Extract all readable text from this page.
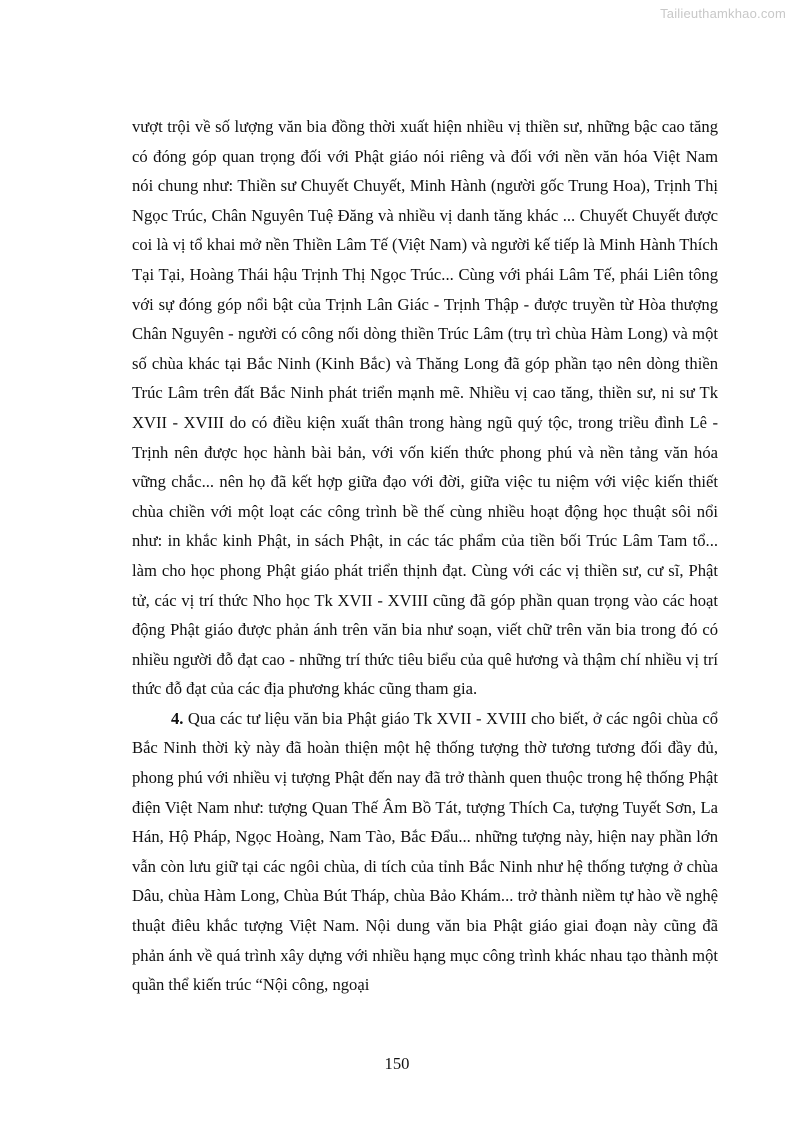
Tailieuthamkhao.com

vượt trội về số lượng văn bia đồng thời xuất hiện nhiều vị thiền sư, những bậc cao tăng có đóng góp quan trọng đối với Phật giáo nói riêng và đối với nền văn hóa Việt Nam nói chung như: Thiền sư Chuyết Chuyết, Minh Hành (người gốc Trung Hoa), Trịnh Thị Ngọc Trúc, Chân Nguyên Tuệ Đăng và nhiều vị danh tăng khác ... Chuyết Chuyết được coi là vị tổ khai mở nền Thiền Lâm Tế (Việt Nam) và người kế tiếp là Minh Hành Thích Tại Tại, Hoàng Thái hậu Trịnh Thị Ngọc Trúc... Cùng với phái Lâm Tế, phái Liên tông với sự đóng góp nổi bật của Trịnh Lân Giác - Trịnh Thập - được truyền từ Hòa thượng Chân Nguyên - người có công nối dòng thiền Trúc Lâm (trụ trì chùa Hàm Long) và một số chùa khác tại Bắc Ninh (Kinh Bắc) và Thăng Long đã góp phần tạo nên dòng thiền Trúc Lâm trên đất Bắc Ninh phát triển mạnh mẽ. Nhiều vị cao tăng, thiền sư, ni sư Tk XVII - XVIII do có điều kiện xuất thân trong hàng ngũ quý tộc, trong triều đình Lê - Trịnh nên được học hành bài bản, với vốn kiến thức phong phú và nền tảng văn hóa vững chắc... nên họ đã kết hợp giữa đạo với đời, giữa việc tu niệm với việc kiến thiết chùa chiền với một loạt các công trình bề thế cùng nhiều hoạt động học thuật sôi nổi như: in khắc kinh Phật, in sách Phật, in các tác phẩm của tiền bối Trúc Lâm Tam tổ... làm cho học phong Phật giáo phát triển thịnh đạt. Cùng với các vị thiền sư, cư sĩ, Phật tử, các vị trí thức Nho học Tk XVII - XVIII cũng đã góp phần quan trọng vào các hoạt động Phật giáo được phản ánh trên văn bia như soạn, viết chữ trên văn bia trong đó có nhiều người đỗ đạt cao - những trí thức tiêu biểu của quê hương và thậm chí nhiều vị trí thức đỗ đạt của các địa phương khác cũng tham gia.

4. Qua các tư liệu văn bia Phật giáo Tk XVII - XVIII cho biết, ở các ngôi chùa cổ Bắc Ninh thời kỳ này đã hoàn thiện một hệ thống tượng thờ tương tương đối đầy đủ, phong phú với nhiều vị tượng Phật đến nay đã trở thành quen thuộc trong hệ thống Phật điện Việt Nam như: tượng Quan Thế Âm Bồ Tát, tượng Thích Ca, tượng Tuyết Sơn, La Hán, Hộ Pháp, Ngọc Hoàng, Nam Tào, Bắc Đẩu... những tượng này, hiện nay phần lớn vẫn còn lưu giữ tại các ngôi chùa, di tích của tỉnh Bắc Ninh như hệ thống tượng ở chùa Dâu, chùa Hàm Long, Chùa Bút Tháp, chùa Bảo Khám... trở thành niềm tự hào về nghệ thuật điêu khắc tượng Việt Nam. Nội dung văn bia Phật giáo giai đoạn này cũng đã phản ánh về quá trình xây dựng với nhiều hạng mục công trình khác nhau tạo thành một quần thể kiến trúc “Nội công, ngoại

150
